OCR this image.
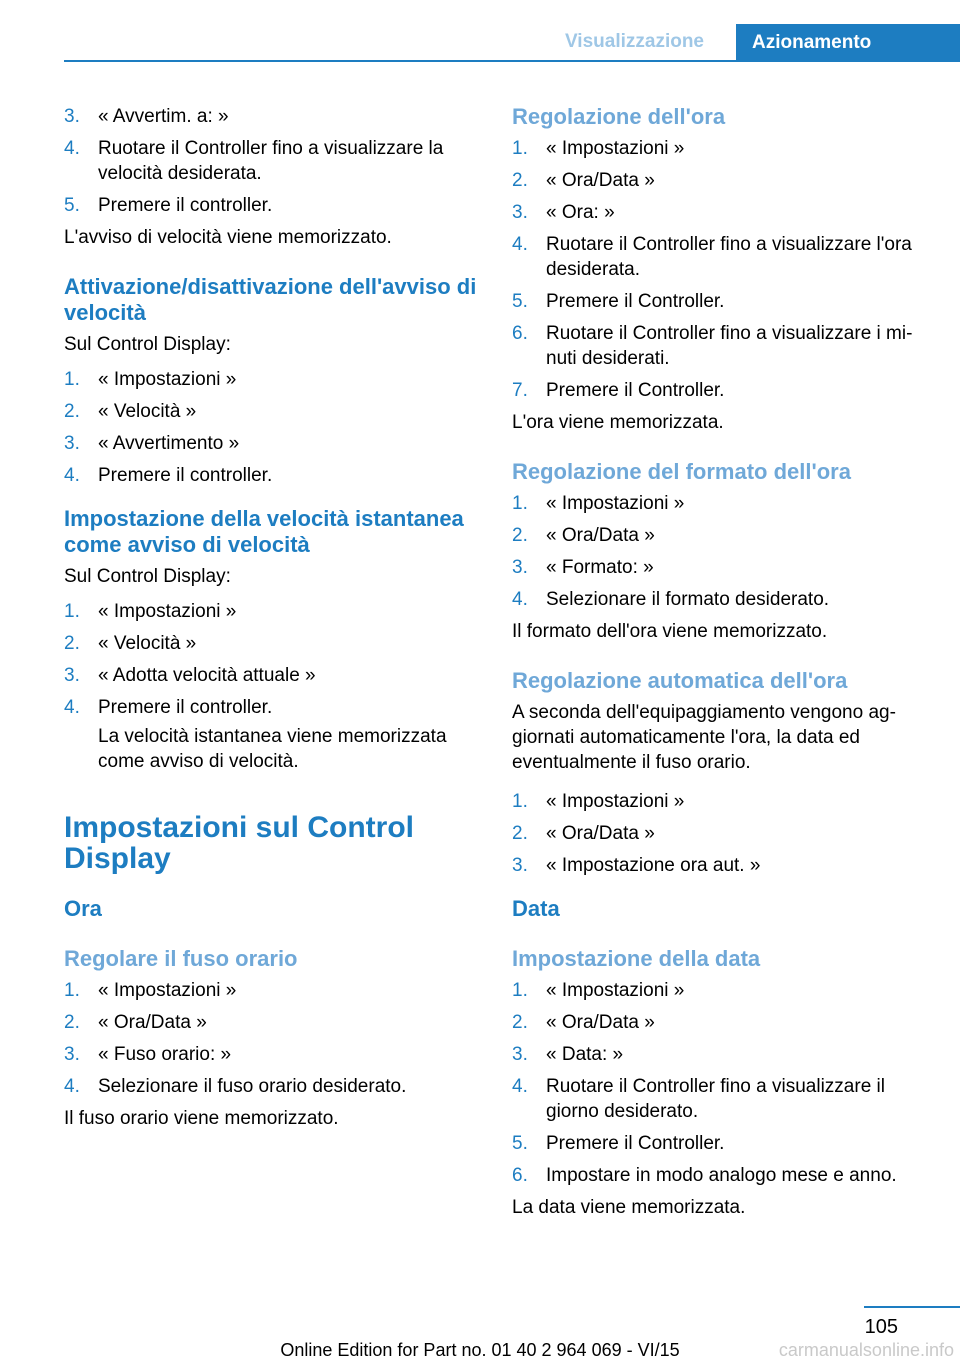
Visualizzazione	Azionamento
3. « Avvertim. a: »
4. Ruotare il Controller fino a visualizzare la velocità desiderata.
5. Premere il controller.

L'avviso di velocità viene memorizzato.

Attivazione/disattivazione dell'avviso di velocità

Sul Control Display:

1. « Impostazioni »
2. « Velocità »
3. « Avvertimento »
4. Premere il controller.
Impostazione della velocità istantanea come avviso di velocità

Sul Control Display:

1. « Impostazioni »
2. « Velocità »
3. « Adotta velocità attuale »
4. Premere il controller.

La velocità istantanea viene memorizzata come avviso di velocità.

Impostazioni sul Control Display
Ora
Regolare il fuso orario
1. « Impostazioni »
2. « Ora/Data »
3. « Fuso orario: »
4. Selezionare il fuso orario desiderato.

Il fuso orario viene memorizzato.

Regolazione dell'ora
1. « Impostazioni »
2. « Ora/Data »
3. « Ora: »
4. Ruotare il Controller fino a visualizzare l'ora desiderata.
5. Premere il Controller.
6. Ruotare il Controller fino a visualizzare i mi‐nuti desiderati.
7. Premere il Controller.

L'ora viene memorizzata.

Regolazione del formato dell'ora
1. « Impostazioni »
2. « Ora/Data »
3. « Formato: »
4. Selezionare il formato desiderato.

Il formato dell'ora viene memorizzato.

Regolazione automatica dell'ora

A seconda dell'equipaggiamento vengono ag‐giornati automaticamente l'ora, la data ed eventualmente il fuso orario.

1. « Impostazioni »
2. « Ora/Data »
3. « Impostazione ora aut. »
Data
Impostazione della data
1. « Impostazioni »
2. « Ora/Data »
3. « Data: »
4. Ruotare il Controller fino a visualizzare il giorno desiderato.
5. Premere il Controller.
6. Impostare in modo analogo mese e anno.

La data viene memorizzata.

105
Online Edition for Part no. 01 40 2 964 069 - VI/15	carmanualsonline.info
